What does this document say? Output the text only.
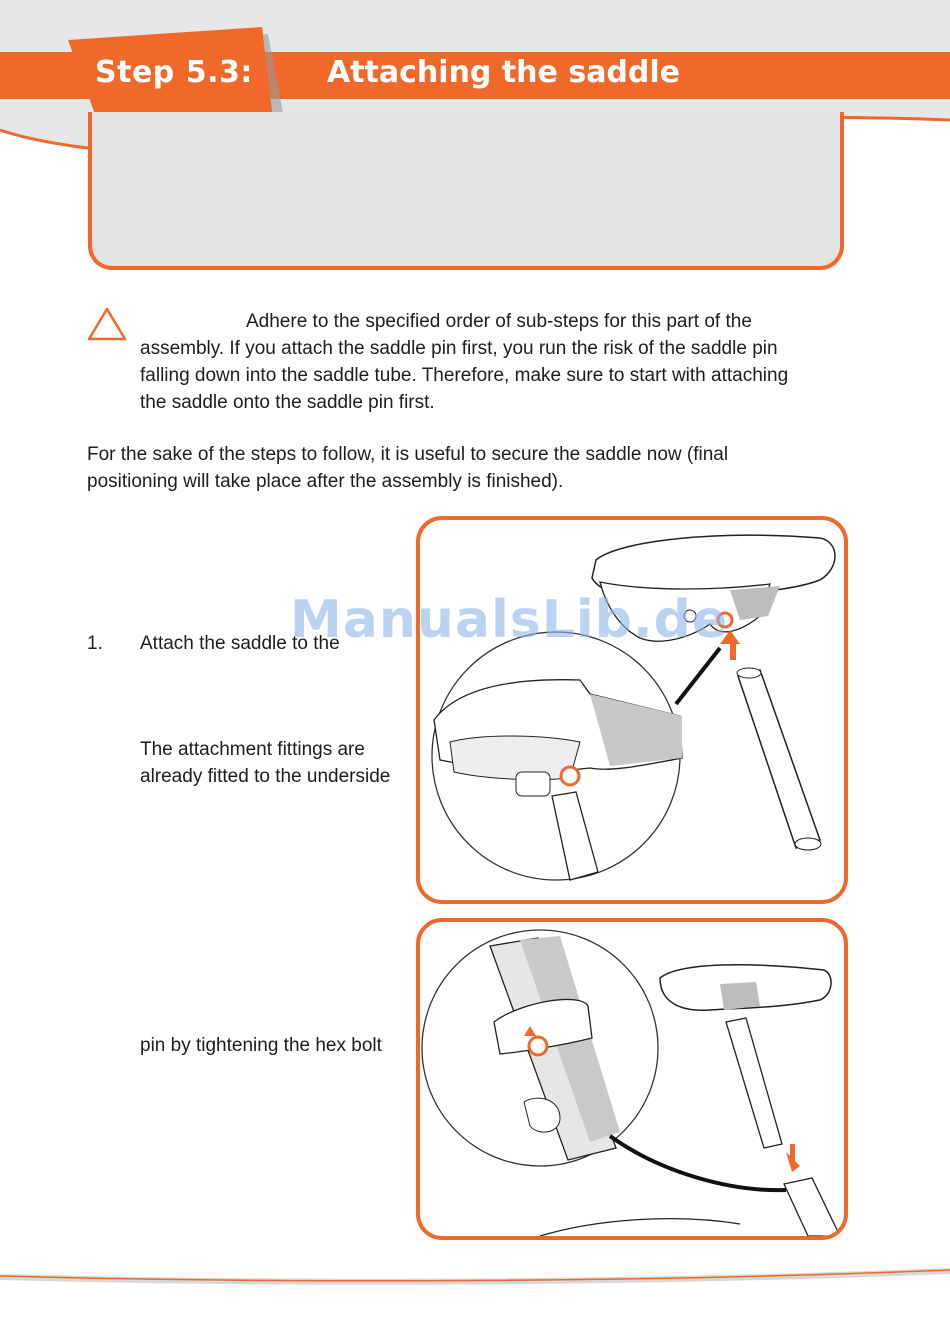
Step 5.3: Attaching the saddle
Adhere to the specified order of sub-steps for this part of the
assembly. If you attach the saddle pin first, you run the risk of the saddle pin
falling down into the saddle tube. Therefore, make sure to start with attaching
the saddle onto the saddle pin first.
For the sake of the steps to follow, it is useful to secure the saddle now (final
positioning will take place after the assembly is finished).
1. Attach the saddle to the
The attachment fittings are
already fitted to the underside
pin by tightening the hex bolt
ManualsLib.de
